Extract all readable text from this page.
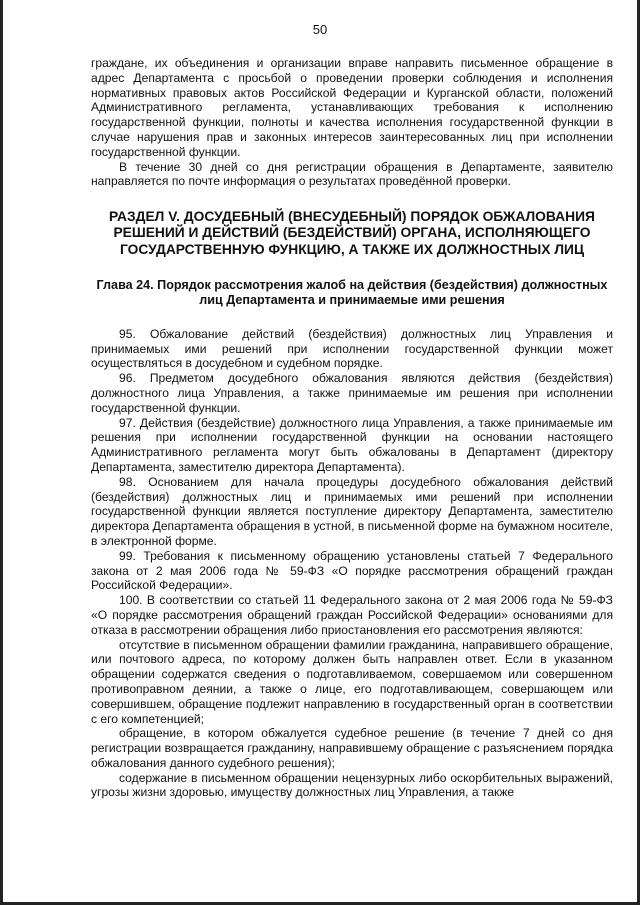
50

граждане, их объединения и организации вправе направить письменное обращение в адрес Департамента с просьбой о проведении проверки соблюдения и исполнения нормативных правовых актов Российской Федерации и Курганской области, положений Административного регламента, устанавливающих требования к исполнению государственной функции, полноты и качества исполнения государственной функции в случае нарушения прав и законных интересов заинтересованных лиц при исполнении государственной функции.

В течение 30 дней со дня регистрации обращения в Департаменте, заявителю направляется по почте информация о результатах проведённой проверки.

РАЗДЕЛ V. ДОСУДЕБНЫЙ (ВНЕСУДЕБНЫЙ) ПОРЯДОК ОБЖАЛОВАНИЯ РЕШЕНИЙ И ДЕЙСТВИЙ (БЕЗДЕЙСТВИЙ) ОРГАНА, ИСПОЛНЯЮЩЕГО ГОСУДАРСТВЕННУЮ ФУНКЦИЮ, А ТАКЖЕ ИХ ДОЛЖНОСТНЫХ ЛИЦ

Глава 24. Порядок рассмотрения жалоб на действия (бездействия) должностных лиц Департамента и принимаемые ими решения

95. Обжалование действий (бездействия) должностных лиц Управления и принимаемых ими решений при исполнении государственной функции может осуществляться в досудебном и судебном порядке.

96. Предметом досудебного обжалования являются действия (бездействия) должностного лица Управления, а также принимаемые им решения при исполнении государственной функции.

97. Действия (бездействие) должностного лица Управления, а также принимаемые им решения при исполнении государственной функции на основании настоящего Административного регламента могут быть обжалованы в Департамент (директору Департамента, заместителю директора Департамента).

98. Основанием для начала процедуры досудебного обжалования действий (бездействия) должностных лиц и принимаемых ими решений при исполнении государственной функции является поступление директору Департамента, заместителю директора Департамента обращения в устной, в письменной форме на бумажном носителе, в электронной форме.

99. Требования к письменному обращению установлены статьей 7 Федерального закона от 2 мая 2006 года № 59-ФЗ «О порядке рассмотрения обращений граждан Российской Федерации».

100. В соответствии со статьей 11 Федерального закона от 2 мая 2006 года № 59-ФЗ «О порядке рассмотрения обращений граждан Российской Федерации» основаниями для отказа в рассмотрении обращения либо приостановления его рассмотрения являются:

отсутствие в письменном обращении фамилии гражданина, направившего обращение, или почтового адреса, по которому должен быть направлен ответ. Если в указанном обращении содержатся сведения о подготавливаемом, совершаемом или совершенном противоправном деянии, а также о лице, его подготавливающем, совершающем или совершившем, обращение подлежит направлению в государственный орган в соответствии с его компетенцией;

обращение, в котором обжалуется судебное решение (в течение 7 дней со дня регистрации возвращается гражданину, направившему обращение с разъяснением порядка обжалования данного судебного решения);

содержание в письменном обращении нецензурных либо оскорбительных выражений, угрозы жизни здоровью, имуществу должностных лиц Управления, а также
